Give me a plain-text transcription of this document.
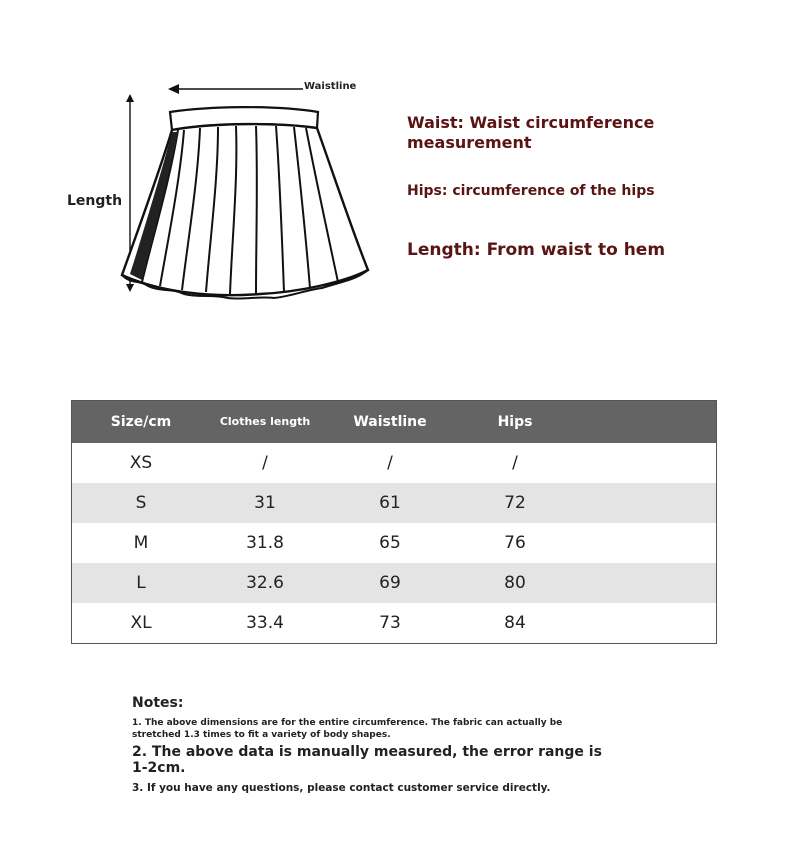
Waistline
Length
Waist: Waist circumference measurement
Hips: circumference of the hips
Length: From waist to hem
Size/cm	Clothes length	Waistline	Hips	
XS	/	/	/	
S	31	61	72	
M	31.8	65	76	
L	32.6	69	80	
XL	33.4	73	84	

Notes:

1. The above dimensions are for the entire circumference. The fabric can actually be stretched 1.3 times to fit a variety of body shapes.

2. The above data is manually measured, the error range is 1-2cm.

3. If you have any questions, please contact customer service directly.
